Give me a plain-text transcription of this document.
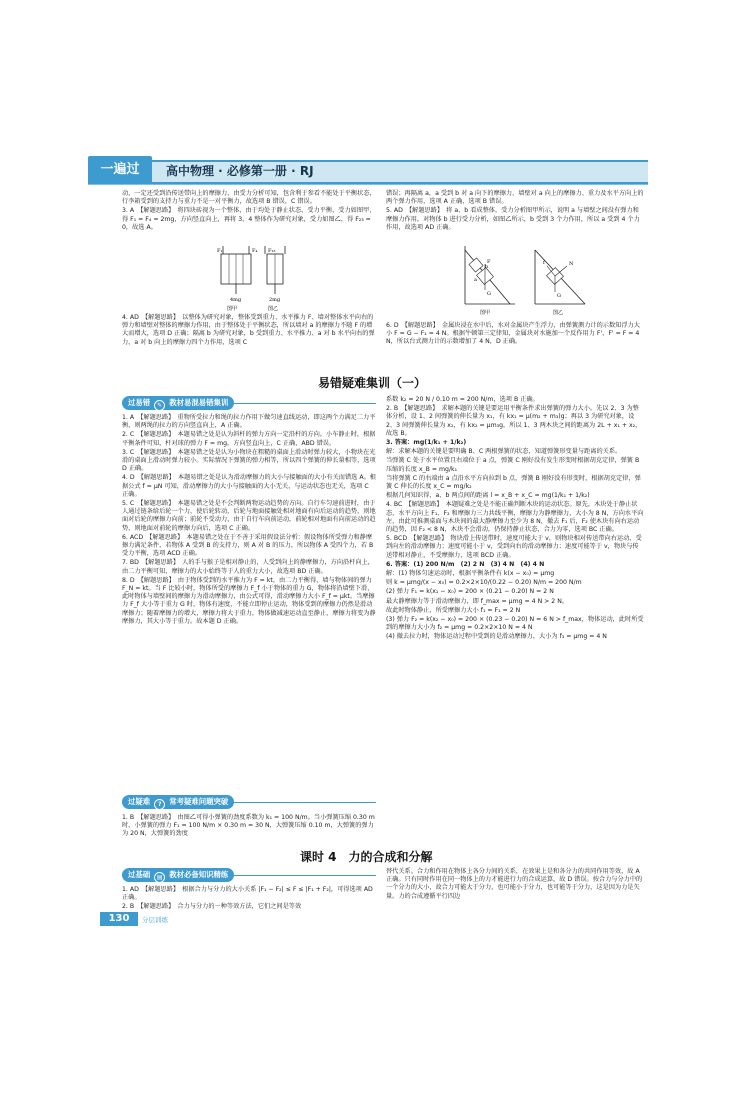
一遍过	高中物理 · 必修第一册 · RJ

动，一定还受到沿传送带向上的摩擦力，由受力分析可知，包含利于参看不能处于平衡状态，行李箱受到的支持力与重力不是一对平衡力，故选项 B 错误，C 错误。

3. A　【解题思路】　将四块砖视为一个整体，由于均处于静止状态，受力平衡，受力如图甲，得 F₁ = F₄ = 2mg，方向竖直向上，再将 3、4 整体作为研究对象，受力如图乙，得 F₂₃ = 0，故选 A。

F₁	F₄
4mg
F₂₃
2mg
图甲	图乙

4. AD　【解题思路】　以整体为研究对象，整体受到重力、水平推力 F、墙对整体水平向右的弹力和墙壁对整体的摩擦力作用，由于整体处于平衡状态，所以墙对 a 的摩擦力不随 F 的增大而增大，选项 D 正确；隔离 b 为研究对象，b 受到重力、水平推力、a 对 b 水平向右的弹力，a 对 b 向上的摩擦力四个力作用，选项 C

错误；再隔离 a，a 受到 b 对 a 向下的摩擦力、墙壁对 a 向上的摩擦力、重力及水平方向上的两个弹力作用，选项 A 正确，选项 B 错误。

5. AD　【解题思路】　将 a、b 看成整体，受力分析图甲所示，说明 a 与墙壁之间没有弹力和摩擦力作用，对物体 b 进行受力分析，如图乙所示，b 受到 3 个力作用，所以 a 受到 4 个力作用，故选项 AD 正确。

a
b
F
G
f	N
G
图甲	图乙

6. D　【解题思路】　金属块浸在水中后，水对金属块产生浮力，由弹簧测力计的示数知浮力大小 F = G − F₁ = 4 N。根据牛顿第三定律知，金属块对水施加一个反作用力 F'，F' = F = 4 N，所以台式测力计的示数增加了 4 N，D 正确。

易错疑难集训（一）
过易错 ✎ 教材易混易错集训

1. A　【解题思路】　重物所受拉力和绳的拉力作用下做匀速直线运动，即这两个力满足二力平衡，则两绳的拉力的方向竖直向上，A 正确。

2. C　【解题思路】　本题易错之处是认为斜杆的弹力方向一定沿杆的方向。小车静止时，根据平衡条件可知，杆对球的弹力 F = mg，方向竖直向上，C 正确，ABD 错误。

3. C　【解题思路】　本题易错之处是认为小物块在粗糙的桌面上滑动时弹力较大，小物块在光滑的桌面上滑动时弹力较小。实际情况下弹簧的弹力相等，所以四个弹簧的伸长量相等，选项 D 正确。

4. D　【解题思路】　本题易错之处是认为滑动摩擦力的大小与接触面的大小有关而错选 A。根据公式 f = μN 可知，滑动摩擦力的大小与接触面的大小无关，与运动状态也无关，选项 C 正确。

5. C　【解题思路】　本题易错之处是不会判断两物运动趋势的方向。自行车匀速前进时，由于人通过链条给后轮一个力，使后轮转动，后轮与地面接触处相对地面有向后运动的趋势，则地面对后轮的摩擦力向前；前轮不受动力，由于自行车向前运动，前轮相对地面有向前运动的趋势，则地面对前轮的摩擦力向后，选项 C 正确。

6. ACD　【解题思路】　本题易错之处在于不善于采用假设法分析：假设物体所受弹力和静摩擦力满足条件，若物体 A 受到 B 的支持力，则 A 对 B 的压力，所以物体 A 受四个力，若 B 受力平衡，选项 ACD 正确。

7. BD　【解题思路】　人的手与猴子是相对静止的，人受到向上的静摩擦力，方向沿杆向上，由二力平衡可知，摩擦力的大小始终等于人的重力大小，故选项 BD 正确。

8. D　【解题思路】　由于物体受到的水平推力为 F = kt，由二力平衡得，墙与物体间的弹力 F_N = kt。当 F 比较小时，物体所受的摩擦力 F_f 小于物体的重力 G，物体将沿墙壁下滑，此时物体与墙壁间的摩擦力为滑动摩擦力，由公式可得，滑动摩擦力大小 F_f = μkt。当摩擦力 F_f 大小等于重力 G 时，物体有速度，不能立即停止运动，物体受到的摩擦力仍然是滑动摩擦力；随着摩擦力的增大，摩擦力将大于重力，物体做减速运动直至静止，摩擦力将变为静摩擦力，其大小等于重力。故本题 D 正确。

过疑难 ? 常考疑难问题突破

1. B　【解题思路】　由图乙可得小弹簧的劲度系数为 k₁ = 100 N/m。当小弹簧压缩 0.30 m 时，小弹簧的弹力 F₁ = 100 N/m × 0.30 m = 30 N，大弹簧压缩 0.10 m，大弹簧的弹力为 20 N，大弹簧的劲度

系数 k₂ = 20 N / 0.10 m = 200 N/m，选项 B 正确。

2. B　【解题思路】　求解本题的关键是要运用平衡条件求出弹簧的弹力大小。先以 2、3 为整体分析，设 1、2 间弹簧的伸长量为 x₁，有 kx₁ = μ(m₂ + m₃)g；再以 3 为研究对象，设 2、3 间弹簧伸长量为 x₂，有 kx₂ = μm₃g，所以 1、3 两木块之间的距离为 2L + x₁ + x₂，故选 B。

3. 答案：mg(1/k₁ + 1/k₂)

解：求解本题的关键是要明确 B、C 两根弹簧的状态，知道弹簧形变量与距离的关系。

当弹簧 C 处于水平位置且右端位于 a 点，弹簧 C 刚好没有发生形变时根据胡克定律，弹簧 B 压缩的长度 x_B = mg/k₁

当将弹簧 C 的右端由 a 点沿水平方向拉到 b 点，弹簧 B 刚好没有形变时，根据胡克定律，弹簧 C 伸长的长度 x_C = mg/k₂

根据几何知识得，a、b 两点间的距离 l = x_B + x_C = mg(1/k₁ + 1/k₂)

4. BC　【解题思路】　本题疑难之处是不能正确判断木块的运动状态。原先，木块处于静止状态，水平方向上 F₁、F₂ 和摩擦力三力共线平衡，摩擦力为静摩擦力，大小为 8 N，方向水平向左，由此可推测桌面与木块间的最大静摩擦力至少为 8 N，撤去 F₁ 后，F₂ 使木块有向右运动的趋势，因 F₂ < 8 N，木块不会滑动，仍保持静止状态，合力为零，选项 BC 正确。

5. BCD　【解题思路】　物块滑上传送带时，速度可能大于 v，则物块相对传送带向右运动，受到向左的滑动摩擦力；速度可能小于 v，受到向右的滑动摩擦力；速度可能等于 v，物块与传送带相对静止，不受摩擦力，选项 BCD 正确。

6. 答案：(1) 200 N/m　(2) 2 N　(3) 4 N　(4) 4 N

解：(1) 物体匀速运动时，根据平衡条件有 k(x − x₀) = μmg

则 k = μmg/(x − x₀) = 0.2×2×10/(0.22 − 0.20) N/m = 200 N/m

(2) 弹力 F₁ = k(x₁ − x₀) = 200 × (0.21 − 0.20) N = 2 N

最大静摩擦力等于滑动摩擦力，即 f_max = μmg = 4 N > 2 N。

故此时物体静止，所受摩擦力大小 f₁ = F₁ = 2 N

(3) 弹力 F₂ = k(x₂ − x₀) = 200 × (0.23 − 0.20) N = 6 N > f_max，物体运动，此时所受到的摩擦力大小为 f₂ = μmg = 0.2×2×10 N = 4 N

(4) 撤去拉力时，物体运动过程中受到的是滑动摩擦力，大小为 f₃ = μmg = 4 N

课时 4　力的合成和分解
过基础 ▤ 教材必备知识精练

1. AD　【解题思路】　根据合力与分力的大小关系 |F₁ − F₂| ≤ F ≤ |F₁ + F₂|，可得选项 AD 正确。

2. B　【解题思路】　合力与分力的一种等效方法，它们之间是等效

替代关系。合力和作用在物体上各分力间的关系，在效果上是和各分力的共同作用等效，故 A 正确。只有同时作用在同一物体上的力才能进行力的合成运算，故 D 错误。按合力与分力中的一个分力的大小，故合力可能大于分力，也可能小于分力，也可能等于分力，这是因为力是矢量。力的合成遵循平行四边

130	分层训练
